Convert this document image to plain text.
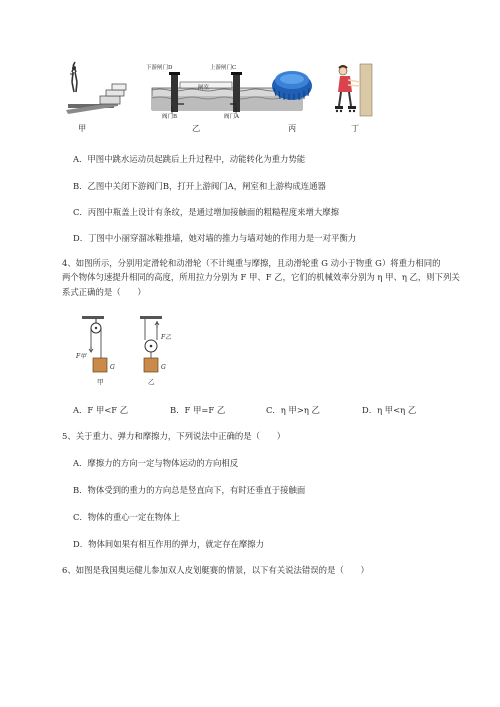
下游闸门D	上游闸门C
闸室
阀门B	阀门A
甲	乙	丙	丁
A．甲图中跳水运动员起跳后上升过程中，动能转化为重力势能
B．乙图中关闭下游阀门B，打开上游阀门A，闸室和上游构成连通器
C．丙图中瓶盖上设计有条纹，是通过增加接触面的粗糙程度来增大摩擦
D．丁图中小丽穿溜冰鞋推墙，她对墙的推力与墙对她的作用力是一对平衡力
4、如图所示，分别用定滑轮和动滑轮（不计绳重与摩擦，且动滑轮重 G 动小于物重 G）将重力相同的
两个物体匀速提升相同的高度，所用拉力分别为 F 甲、F 乙，它们的机械效率分别为 η 甲、η 乙，则下列关
系式正确的是（　　）
F甲
F乙
G	G
甲	乙
A．F 甲<F 乙	B．F 甲=F 乙	C．η 甲>η 乙	D．η 甲<η 乙
5、关于重力、弹力和摩擦力，下列说法中正确的是（　　）
A．摩擦力的方向一定与物体运动的方向相反
B．物体受到的重力的方向总是竖直向下，有时还垂直于接触面
C．物体的重心一定在物体上
D．物体间如果有相互作用的弹力，就定存在摩擦力
6、如图是我国奥运健儿参加双人皮划艇赛的情景，以下有关说法错误的是（　　）
